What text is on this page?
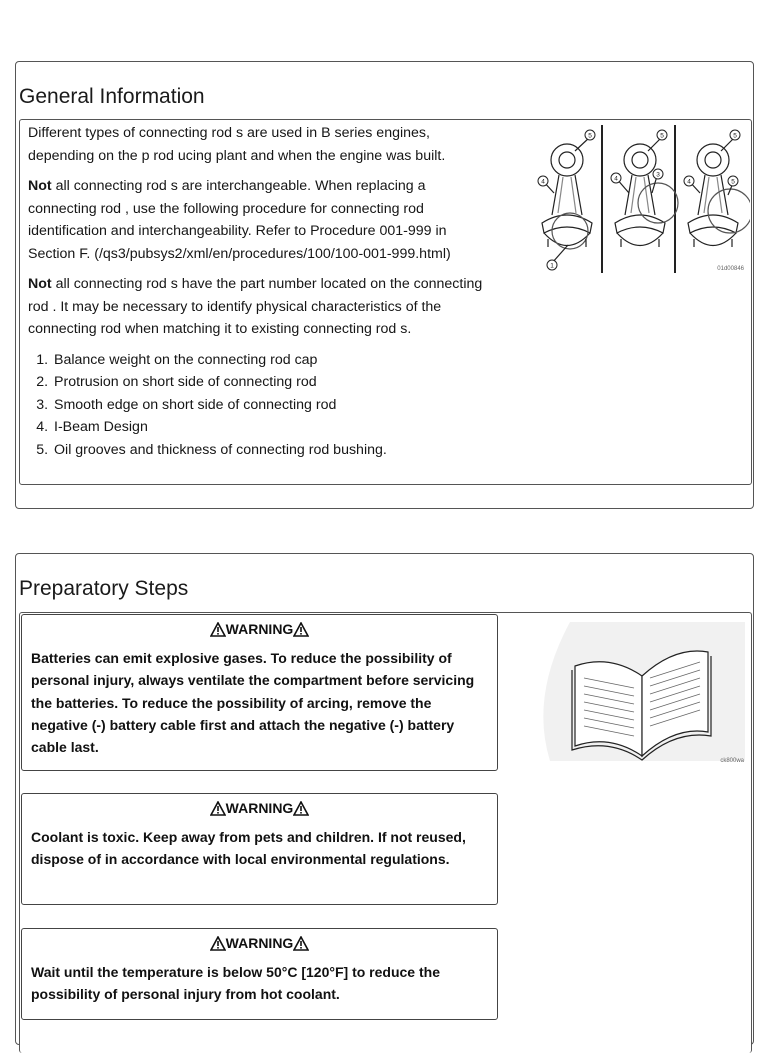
General Information

Different types of connecting rod s are used in B series engines, depending on the p rod ucing plant and when the engine was built.

Not all connecting rod s are interchangeable. When replacing a connecting rod , use the following procedure for connecting rod identification and interchangeability. Refer to Procedure 001-999 in Section F. (/qs3/pubsys2/xml/en/procedures/100/100-001-999.html)

Not all connecting rod s have the part number located on the connecting rod . It may be necessary to identify physical characteristics of the connecting rod when matching it to existing connecting rod s.

1. Balance weight on the connecting rod cap
2. Protrusion on short side of connecting rod
3. Smooth edge on short side of connecting rod
4. I-Beam Design
5. Oil grooves and thickness of connecting rod bushing.
5
4
1
5
4
3
5
4	5
01d00846
Preparatory Steps
WARNING
Batteries can emit explosive gases. To reduce the possibility of personal injury, always ventilate the compartment before servicing the batteries. To reduce the possibility of arcing, remove the negative (-) battery cable first and attach the negative (-) battery cable last.
WARNING
Coolant is toxic. Keep away from pets and children. If not reused, dispose of in accordance with local environmental regulations.
WARNING
Wait until the temperature is below 50°C [120°F] to reduce the possibility of personal injury from hot coolant.
ck800wa
